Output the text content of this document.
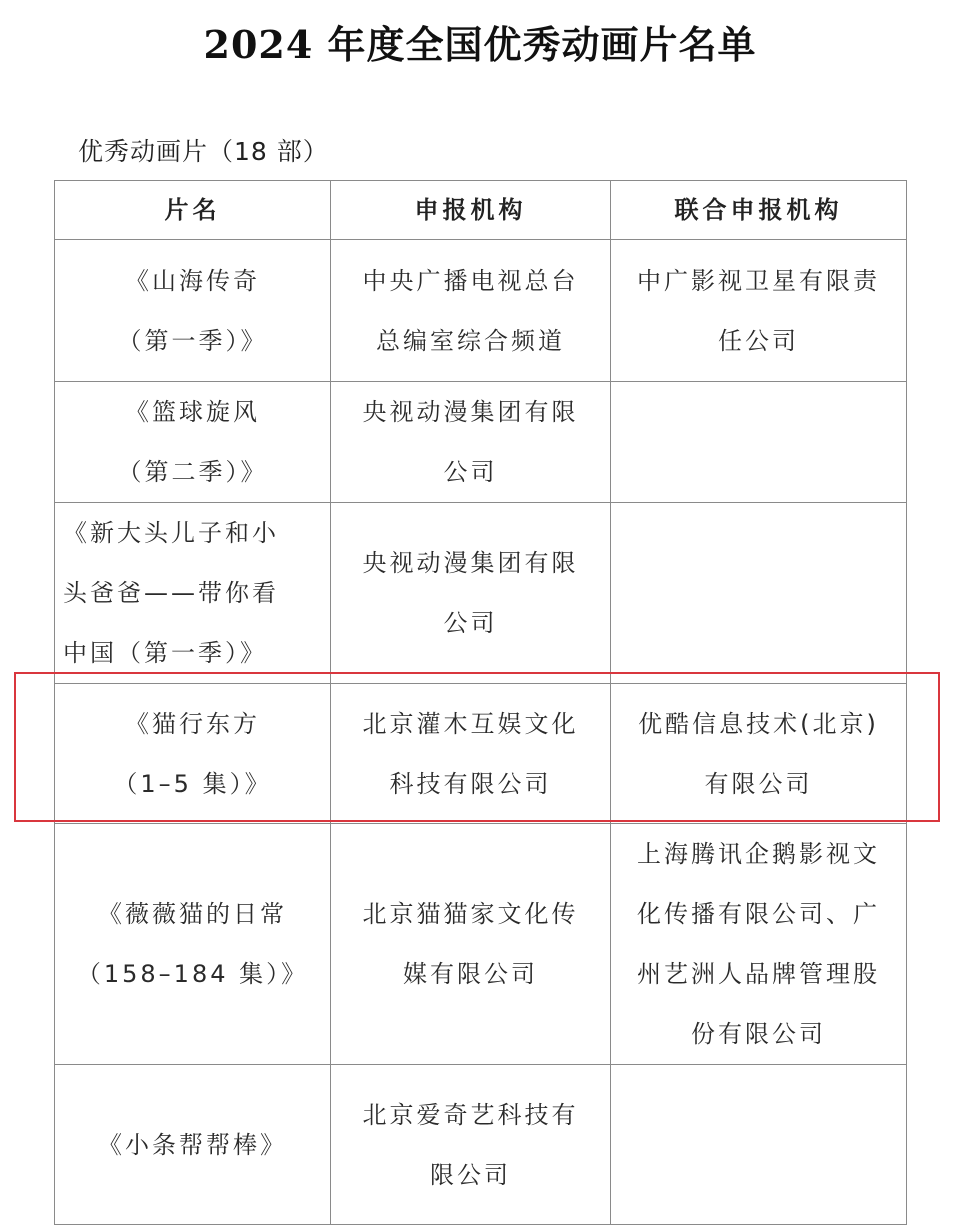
2024 年度全国优秀动画片名单
优秀动画片（18 部）
片名	申报机构	联合申报机构

《山海传奇
（第一季）》	中央广播电视总台
总编室综合频道	中广影视卫星有限责
任公司

《篮球旋风
（第二季）》	央视动漫集团有限
公司	

《新大头儿子和小
头爸爸——带你看
中国（第一季）》	央视动漫集团有限
公司	

《猫行东方
（1–5 集）》	北京灌木互娱文化
科技有限公司	优酷信息技术(北京)
有限公司

《薇薇猫的日常
（158–184 集）》	北京猫猫家文化传
媒有限公司	上海腾讯企鹅影视文
化传播有限公司、广
州艺洲人品牌管理股
份有限公司

《小条帮帮棒》	北京爱奇艺科技有
限公司	
